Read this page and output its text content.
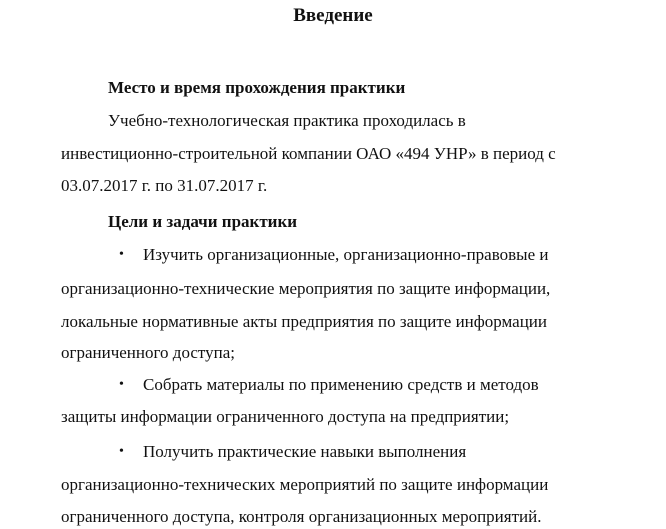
Введение
Место и время прохождения практики
Учебно-технологическая практика проходилась в
инвестиционно-строительной компании ОАО «494 УНР» в период с
03.07.2017 г. по 31.07.2017 г.
Цели и задачи практики
• Изучить организационные, организационно-правовые и
организационно-технические мероприятия по защите информации,
локальные нормативные акты предприятия по защите информации
ограниченного доступа;
• Собрать материалы по применению средств и методов
защиты информации ограниченного доступа на предприятии;
• Получить практические навыки выполнения
организационно-технических мероприятий по защите информации
ограниченного доступа, контроля организационных мероприятий.
